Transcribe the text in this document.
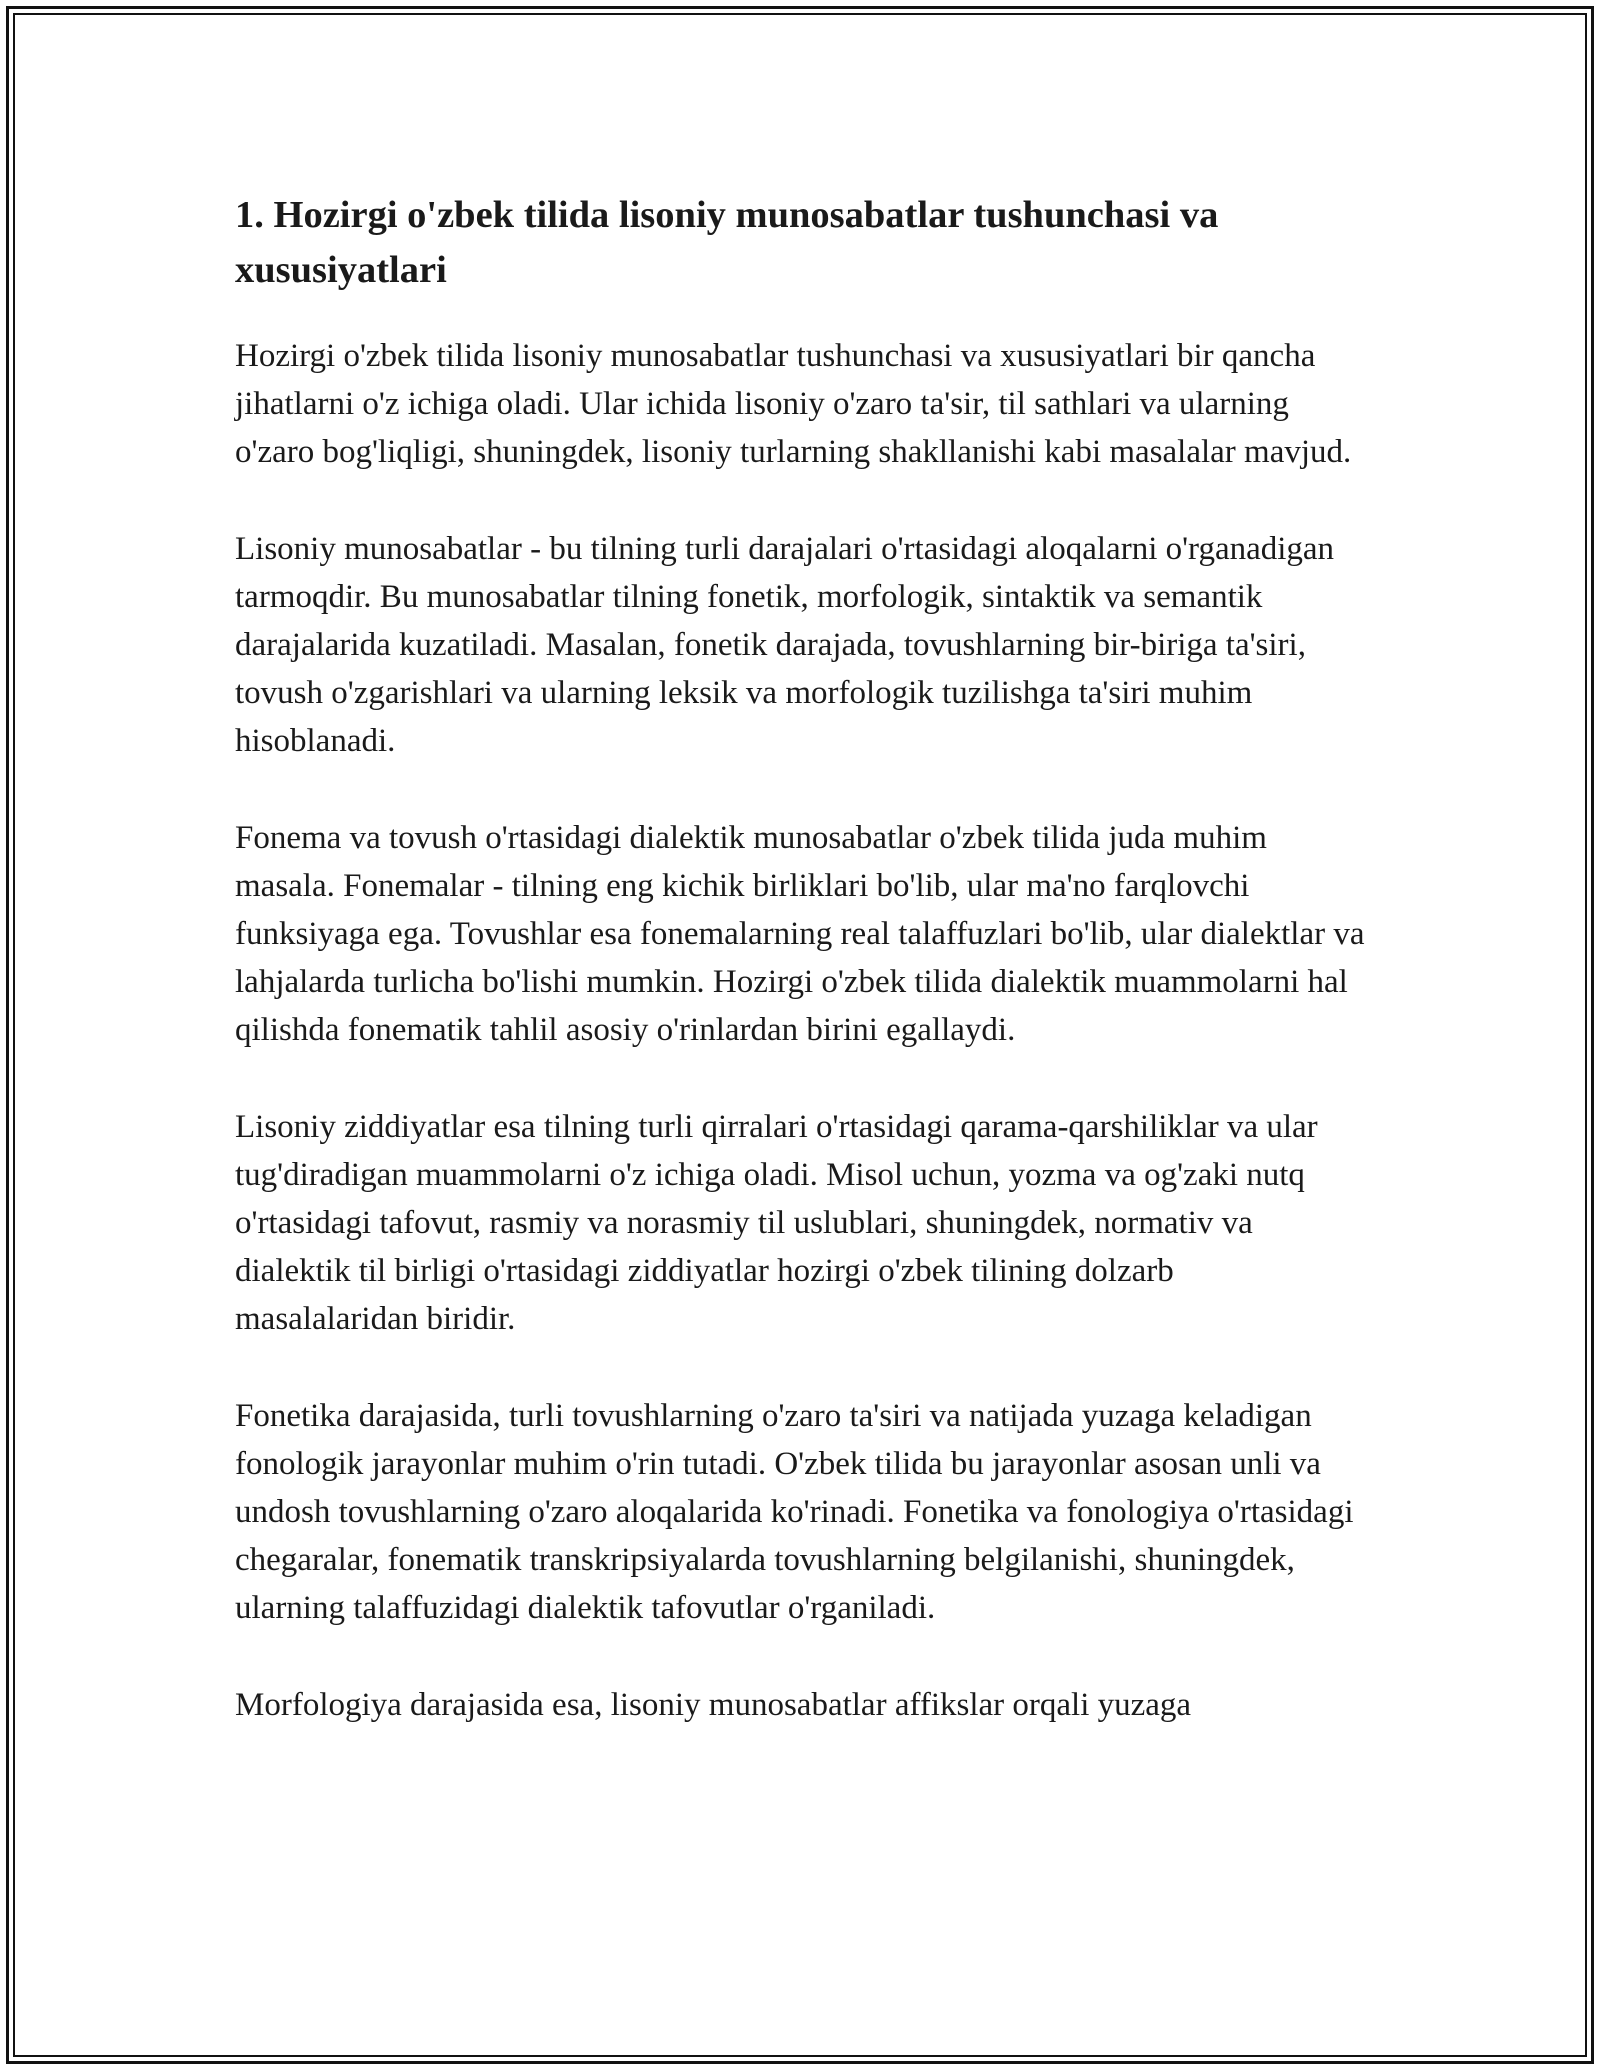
1. Hozirgi o'zbek tilida lisoniy munosabatlar tushunchasi va xususiyatlari

Hozirgi o'zbek tilida lisoniy munosabatlar tushunchasi va xususiyatlari bir qancha jihatlarni o'z ichiga oladi. Ular ichida lisoniy o'zaro ta'sir, til sathlari va ularning o'zaro bog'liqligi, shuningdek, lisoniy turlarning shakllanishi kabi masalalar mavjud.

Lisoniy munosabatlar - bu tilning turli darajalari o'rtasidagi aloqalarni o'rganadigan tarmoqdir. Bu munosabatlar tilning fonetik, morfologik, sintaktik va semantik darajalarida kuzatiladi. Masalan, fonetik darajada, tovushlarning bir-biriga ta'siri, tovush o'zgarishlari va ularning leksik va morfologik tuzilishga ta'siri muhim hisoblanadi.

Fonema va tovush o'rtasidagi dialektik munosabatlar o'zbek tilida juda muhim masala. Fonemalar - tilning eng kichik birliklari bo'lib, ular ma'no farqlovchi funksiyaga ega. Tovushlar esa fonemalarning real talaffuzlari bo'lib, ular dialektlar va lahjalarda turlicha bo'lishi mumkin. Hozirgi o'zbek tilida dialektik muammolarni hal qilishda fonematik tahlil asosiy o'rinlardan birini egallaydi.

Lisoniy ziddiyatlar esa tilning turli qirralari o'rtasidagi qarama-qarshiliklar va ular tug'diradigan muammolarni o'z ichiga oladi. Misol uchun, yozma va og'zaki nutq o'rtasidagi tafovut, rasmiy va norasmiy til uslublari, shuningdek, normativ va dialektik til birligi o'rtasidagi ziddiyatlar hozirgi o'zbek tilining dolzarb masalalaridan biridir.

Fonetika darajasida, turli tovushlarning o'zaro ta'siri va natijada yuzaga keladigan fonologik jarayonlar muhim o'rin tutadi. O'zbek tilida bu jarayonlar asosan unli va undosh tovushlarning o'zaro aloqalarida ko'rinadi. Fonetika va fonologiya o'rtasidagi chegaralar, fonematik transkripsiyalarda tovushlarning belgilanishi, shuningdek, ularning talaffuzidagi dialektik tafovutlar o'rganiladi.

Morfologiya darajasida esa, lisoniy munosabatlar affikslar orqali yuzaga
